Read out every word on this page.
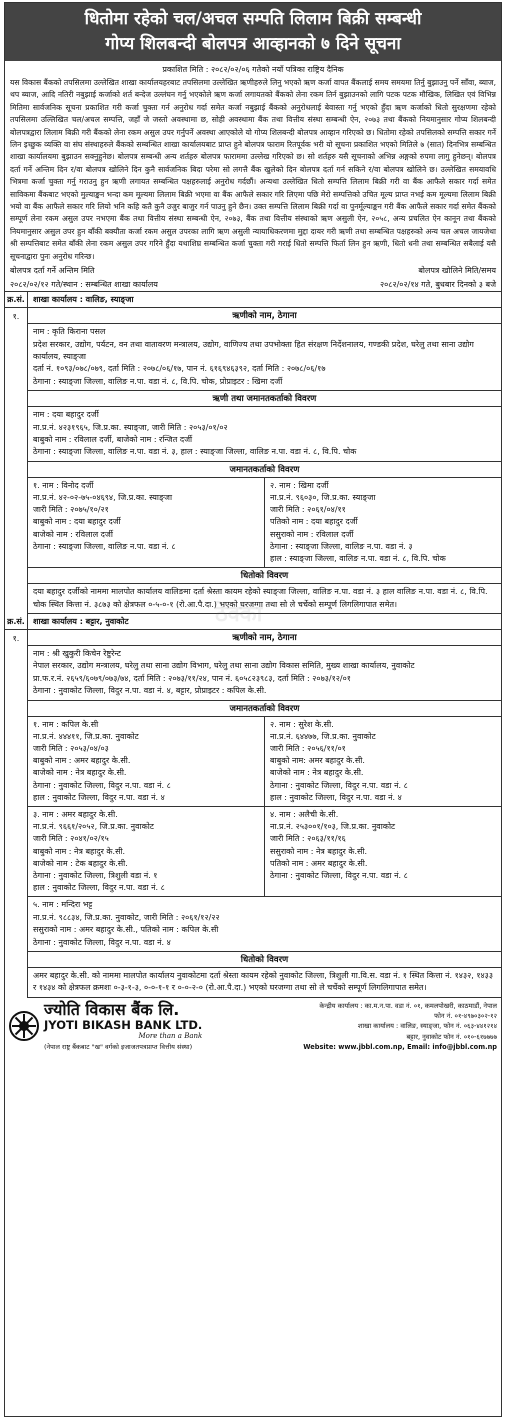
धितोमा रहेको चल/अचल सम्पति लिलाम बिक्री सम्बन्धी
गोप्य शिलबन्दी बोलपत्र आव्हानको ७ दिने सूचना
प्रकाशित मिति : २०८२/०२/०६ गतेको नयाँ पत्रिका राष्ट्रिय दैनिक

यस विकास बैंकको तपसिलमा उल्लेखित शाखा कार्यालयहरबाट तपसिलमा उल्लेखित ऋणीहरुले लिनु भएको ऋण कर्जा वापत बैंकलाई समय समयमा तिर्नु बुझाउनु पर्ने साँवा, ब्याज, थप ब्याज, आदि नतिरी नबुझाई कर्जाको शर्त बन्देज उल्लंघन गर्नु भएकोले ऋण कर्जा लगायतको बैंकको लेना रकम तिर्न बुझाउनको लागि पटक पटक मौखिक, लिखित एवं विभिन्न मितिमा सार्वजनिक सूचना प्रकाशित गरी कर्जा चुक्ता गर्न अनुरोध गर्दा समेत कर्जा नबुझाई बैंकको अनुरोधलाई बेवास्ता गर्नु भएको हुँदा ऋण कर्जाको धितो सुरक्षणमा रहेको तपसिलमा उल्लिखित चल/अचल सम्पत्ति, जहाँ जे जस्तो अवस्थामा छ, सोही अवस्थामा बैंक तथा वित्तीय संस्था सम्बन्धी ऐन, २०७३ तथा बैंकको नियमानुसार गोप्य शिलबन्दी बोलपत्रद्वारा लिलाम बिक्री गरी बैंकको लेना रकम असुल उपर गर्नुपर्ने अवस्था आएकोले यो गोप्य शिलबन्दी बोलपत्र आव्हान गरिएको छ। धितोमा रहेको तपसिलको सम्पत्ति सकार गर्ने लिन इच्छुक व्यक्ति वा संघ संस्थाहरुले बैंकको सम्बन्धित शाखा कार्यालयबाट प्राप्त हुने बोलपत्र फाराम रितपूर्वक भरी यो सूचना प्रकाशित भएको मितिले ७ (सात) दिनभित्र सम्बन्धित शाखा कार्यालयमा बुझाउन सक्नुहुनेछ। बोलपत्र सम्बन्धी अन्य शर्तहरु बोलपत्र फाराममा उल्लेख गरिएको छ। सो शर्तहरु यसै सूचनाको अभिन्न अङ्गको रुपमा लागु हुनेछन्। बोलपत्र दर्ता गर्ने अन्तिम दिन र/वा बोलपत्र खोलिने दिन कुनै सार्वजनिक बिदा परेमा सो लगत्तै बैंक खुलेको दिन बोलपत्र दर्ता गर्न सकिने र/वा बोलपत्र खोलिने छ। उल्लेखित समयावधि भित्रमा कर्जा चुक्ता गर्नु गराउनु हुन ऋणी लगायत सम्बन्धित पक्षहरुलाई अनुरोध गर्दछौं। अन्यथा उल्लेखित धितो सम्पत्ति लिलाम बिक्री गरी वा बैंक आफैले सकार गर्दा समेत साविकमा बैंकबाट भएको मुल्याङ्कन भन्दा कम मूल्यमा लिलाम बिक्री भएमा वा बैंक आफैले सकार गरि लिएमा पछि मेरो सम्पत्तिको उचित मूल्य प्राप्त नभई कम मूल्यमा लिलाम बिक्री भयो वा बैंक आफैले सकार गरि लियो भनि कहि कतै कुनै उजुर बाजुर गर्न पाउनु हुने छैन। उक्त सम्पत्ति लिलाम बिक्री गर्दा वा पुनर्मूल्याङ्कन गरी बैंक आफैले सकार गर्दा समेत बैंकको सम्पूर्ण लेना रकम असुल उपर नभएमा बैंक तथा वित्तीय संस्था सम्बन्धी ऐन, २०७३, बैंक तथा वित्तीय संस्थाको ऋण असुली ऐन, २०५८, अन्य प्रचलित ऐन कानून तथा बैंकको नियमानुसार असुल उपर हुन बाँकी बक्यौता कर्जा रकम असुल उपरका लागि ऋण असुली न्यायाधिकरणमा मुद्दा दायर गरी ऋणी तथा सम्बन्धित पक्षहरुको अन्य चल अचल जायजेथा श्री सम्पत्तिबाट समेत बाँकी लेना रकम असुल उपर गरिने हुँदा यथाशिघ्र सम्बन्धित कर्जा चुक्ता गरी गराई धितो सम्पत्ति फिर्ता लिन हुन ऋणी, धितो धनी तथा सम्बन्धित सबैलाई यसै सूचनाद्वारा पुनः अनुरोध गरिन्छ।

बोलपत्र दर्ता गर्ने अन्तिम मिति	बोलपत्र खोलिने मिति/समय
२०८२/०२/१२ गते/स्थान : सम्बन्धित शाखा कार्यालय	२०८२/०२/१४ गते, बुधबार दिनको ३ बजे
क्र.सं.	शाखा कार्यालय : वालिङ, स्याङ्जा
१.	ऋणीको नाम, ठेगाना
नाम : कृति किराना पसल
प्रदेश सरकार, उद्योग, पर्यटन, वन तथा वातावरण मन्त्रालय, उद्योग, वाणिज्य तथा उपभोक्ता हित संरक्षण निर्देशनालय, गण्डकी प्रदेश, घरेलु तथा साना उद्योग कार्यालय, स्याङ्जा
दर्ता नं. १०९३/०७८/०७९, दर्ता मिति : २०७८/०६/१७, पान नं. ६१६९४६३९२, दर्ता मिति : २०७८/०६/१७
ठेगाना : स्याङ्जा जिल्ला, वालिङ न.पा. वडा नं. ८, वि.पि. चोक, प्रोप्राइटर : खिमा दर्जी
ऋणी तथा जमानतकर्ताको विवरण
नाम : दया बहादुर दर्जी
ना.प्र.नं. ४२३१९६५, जि.प्र.का. स्याङ्जा, जारी मिति : २०५३/०१/०२
बाबुको नाम : रविलाल दर्जी, बाजेको नाम : रन्जित दर्जी
ठेगाना : स्याङ्जा जिल्ला, वालिङ न.पा. वडा नं. ३, हाल : स्याङ्जा जिल्ला, वालिङ न.पा. वडा नं. ८, वि.पि. चोक
जमानतकर्ताको विवरण
१. नाम : विनोद दर्जी
ना.प्र.नं. ४२-०२-७५-०४६९४, जि.प्र.का. स्याङ्जा
जारी मिति : २०७५/१०/२१
बाबुको नाम : दया बहादुर दर्जी
बाजेको नाम : रविलाल दर्जी
ठेगाना : स्याङ्जा जिल्ला, वालिङ न.पा. वडा नं. ८
२. नाम : खिमा दर्जी
ना.प्र.नं. ९६०३०, जि.प्र.का. स्याङ्जा
जारी मिति : २०६१/०४/११
पतिको नाम : दया बहादुर दर्जी
ससुराको नाम : रविलाल दर्जी
ठेगाना : स्याङ्जा जिल्ला, वालिङ न.पा. वडा नं. ३
हाल : स्याङ्जा जिल्ला, वालिङ न.पा. वडा नं. ८, वि.पि. चोक
धितोको विवरण
दया बहादुर दर्जीको नाममा मालपोत कार्यालय वालिङमा दर्ता श्रेस्ता कायम रहेको स्याङ्जा जिल्ला, वालिङ न.पा. वडा नं. ३ हाल वालिङ न.पा. वडा नं. ८, वि.पि. चोक स्थित कित्ता नं. ३८७३ को क्षेत्रफल ०-५-०-१ (रो.आ.पै.दा.) भएको घरजग्गा तथा सो ले चर्चेको सम्पूर्ण लिगलिगापात समेत।
क्र.सं.	शाखा कार्यालय : बट्टार, नुवाकोट
१.	ऋणीको नाम, ठेगाना
नाम : श्री खुकुरी किचेन रेष्टुरेन्ट
नेपाल सरकार, उद्योग मन्त्रालय, घरेलु तथा साना उद्योग विभाग, घरेलु तथा साना उद्योग विकास समिति, मुख्य शाखा कार्यालय, नुवाकोट
प्रा.फ.र.नं. २६५९/६०७९/०७३/७४, दर्ता मिति : २०७३/११/२४, पान नं. ६०५८२३९८३, दर्ता मिति : २०७३/१२/०१
ठेगाना : नुवाकोट जिल्ला, विदुर न.पा. वडा नं. ४, बट्टार, प्रोप्राइटर : कपिल के.सी.
जमानतकर्ताको विवरण
१. नाम : कपिल के.सी
ना.प्र.नं. ४४४११, जि.प्र.का. नुवाकोट
जारी मिति : २०५३/०४/०३
बाबुको नाम : अमर बहादुर के.सी.
बाजेको नाम : नेत्र बहादुर के.सी.
ठेगाना : नुवाकोट जिल्ला, विदुर न.पा. वडा नं. ८
हाल : नुवाकोट जिल्ला, विदुर न.पा. वडा नं. ४
२. नाम : सुरेश के.सी.
ना.प्र.नं. ६४४७७, जि.प्र.का. नुवाकोट
जारी मिति : २०५६/११/०१
बाबुको नाम: अमर बहादुर के.सी.
बाजेको नाम : नेत्र बहादुर के.सी.
ठेगाना : नुवाकोट जिल्ला, विदुर न.पा. वडा नं. ८
हाल : नुवाकोट जिल्ला, विदुर न.पा. वडा नं. ४
३. नाम : अमर बहादुर के.सी.
ना.प्र.नं. ९६६१/२०५२, जि.प्र.का. नुवाकोट
जारी मिति : २०४१/०२/१५
बाबुको नाम : नेत्र बहादुर के.सी.
बाजेको नाम : टेक बहादुर के.सी.
ठेगाना : नुवाकोट जिल्ला, त्रिशुली वडा नं. १
हाल : नुवाकोट जिल्ला, विदुर न.पा. वडा नं. ८
४. नाम : अलैची के.सी.
ना.प्र.नं. २५३००१/१०३, जि.प्र.का. नुवाकोट
जारी मिति : २०६३/११/१६
ससुराको नाम : नेत्र बहादुर के.सी.
पतिको नाम : अमर बहादुर के.सी.
ठेगाना : नुवाकोट जिल्ला, विदुर न.पा. वडा नं. ८
५. नाम : मन्दिरा भट्ट
ना.प्र.नं. ९८८३४, जि.प्र.का. नुवाकोट, जारी मिति : २०६१/१२/२२
ससुराको नाम : अमर बहादुर के.सी., पतिको नाम : कपिल के.सी
ठेगाना : नुवाकोट जिल्ला, विदुर न.पा. वडा नं. ४
धितोको विवरण
अमर बहादुर के.सी. को नाममा मालपोत कार्यालय नुवाकोटमा दर्ता श्रेस्ता कायम रहेको नुवाकोट जिल्ला, त्रिशुली गा.वि.स. वडा नं. १ स्थित कित्ता नं. १४३२, १४३३ र १४३४ को क्षेत्रफल क्रमशः ०-३-१-३, ०-०-१-१ र ०-०-२-० (रो.आ.पै.दा.) भएको घरजग्गा तथा सो ले चर्चेको सम्पूर्ण लिगलिगापात समेत।
ज्योति विकास बैंक लि.
JYOTI BIKASH BANK LTD.
More than a Bank
(नेपाल राष्ट्र बैंकबाट "ख" वर्गको इजाजतपत्रप्राप्त वित्तीय संस्था)
केन्द्रीय कार्यालय : का.म.न.पा. वडा नं. ०१, कमलपोखरी, काठमाडौं, नेपाल
फोन नं. ०१-४९७०३०२-१२
शाखा कार्यालय : वालिङ, स्याङ्जा, फोन नं. ०६३-४४१२१४
बट्टार, नुवाकोट फोन नं. ०१०-६१७७७७
Website: www.jbbl.com.np, Email: info@jbbl.com.np
ठेक्का
